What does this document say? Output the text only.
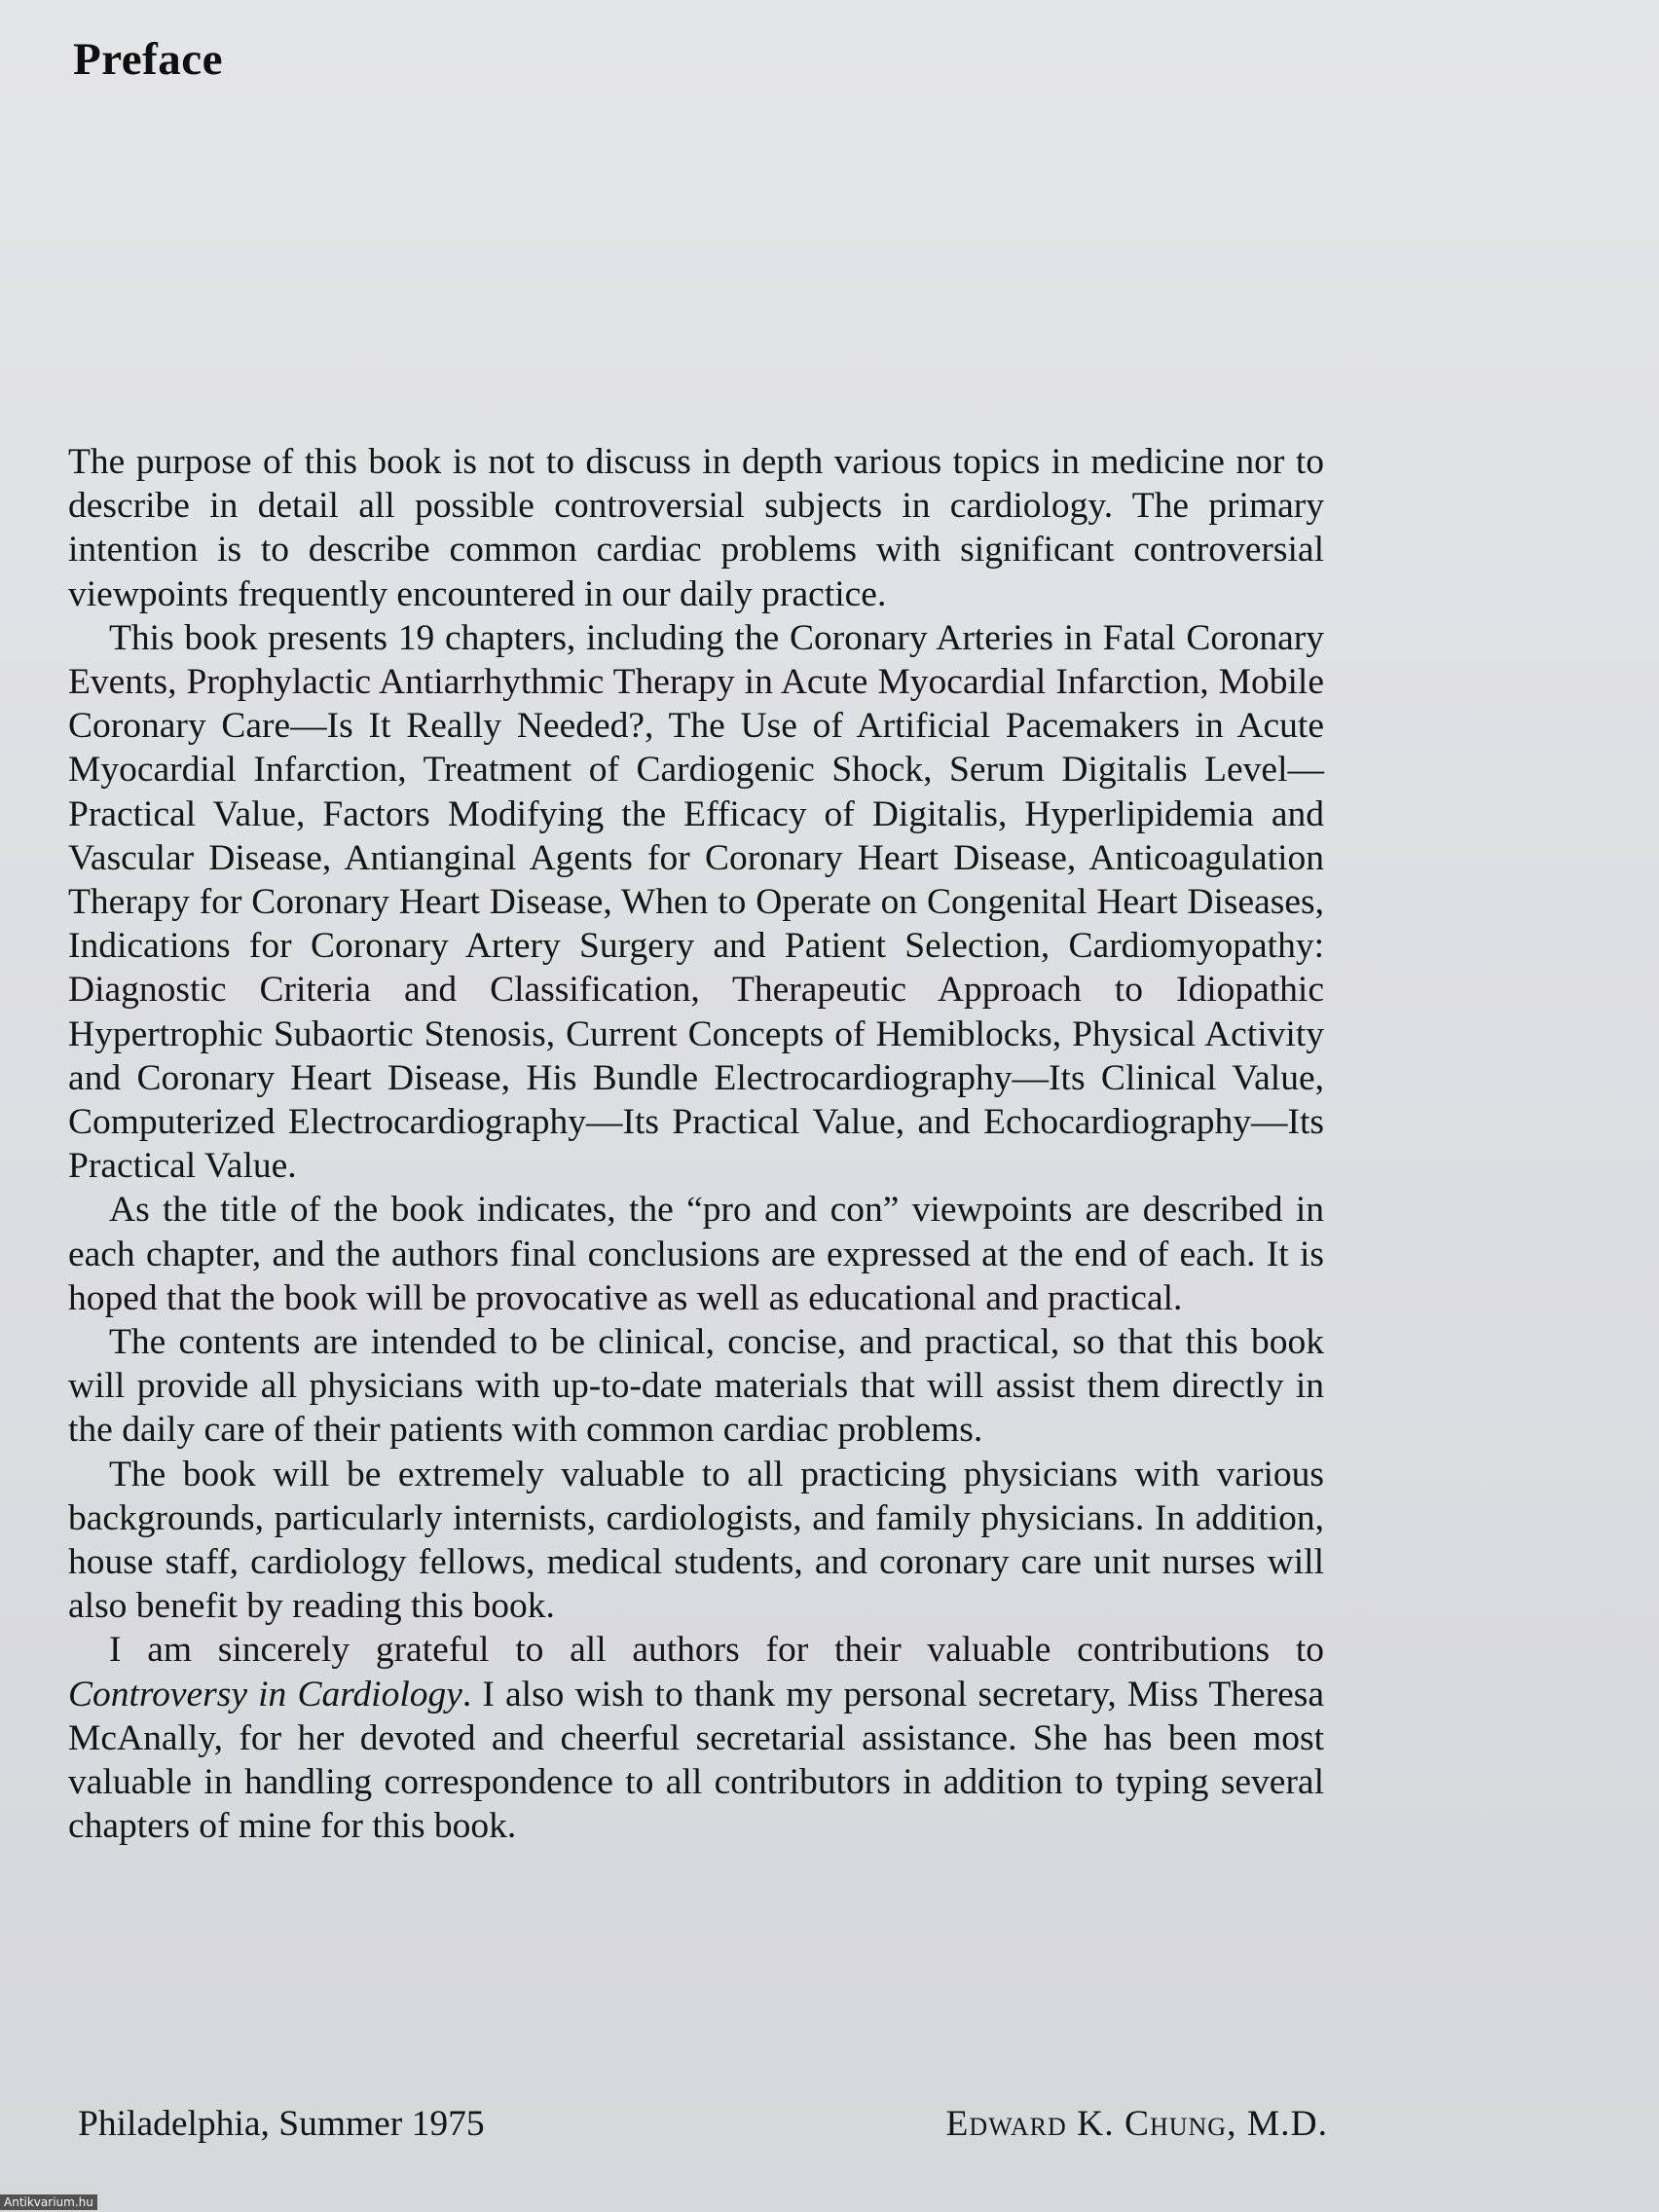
Preface

The purpose of this book is not to discuss in depth various topics in medicine nor to describe in detail all possible controversial subjects in cardiology. The primary intention is to describe common cardiac problems with significant controversial viewpoints frequently encountered in our daily practice.

This book presents 19 chapters, including the Coronary Arteries in Fatal Coronary Events, Prophylactic Antiarrhythmic Therapy in Acute Myocardial Infarction, Mobile Coronary Care—Is It Really Needed?, The Use of Artificial Pacemakers in Acute Myocardial Infarction, Treatment of Cardiogenic Shock, Serum Digitalis Level—Practical Value, Factors Modifying the Efficacy of Digitalis, Hyperlipidemia and Vascular Disease, Antianginal Agents for Coronary Heart Disease, Anticoagulation Therapy for Coronary Heart Disease, When to Operate on Congenital Heart Diseases, Indications for Coronary Artery Surgery and Patient Selection, Cardiomyopathy: Diagnostic Criteria and Classification, Therapeutic Approach to Idiopathic Hypertrophic Subaortic Stenosis, Current Concepts of Hemiblocks, Physical Activity and Coronary Heart Disease, His Bundle Electrocardiography—Its Clinical Value, Computerized Electrocardiography—Its Practical Value, and Echocardiography—Its Practical Value.

As the title of the book indicates, the “pro and con” viewpoints are described in each chapter, and the authors final conclusions are expressed at the end of each. It is hoped that the book will be provocative as well as educational and practical.

The contents are intended to be clinical, concise, and practical, so that this book will provide all physicians with up-to-date materials that will assist them directly in the daily care of their patients with common cardiac problems.

The book will be extremely valuable to all practicing physicians with various backgrounds, particularly internists, cardiologists, and family physicians. In addition, house staff, cardiology fellows, medical students, and coronary care unit nurses will also benefit by reading this book.

I am sincerely grateful to all authors for their valuable contributions to Controversy in Cardiology. I also wish to thank my personal secretary, Miss Theresa McAnally, for her devoted and cheerful secretarial assistance. She has been most valuable in handling correspondence to all contributors in addition to typing several chapters of mine for this book.

Philadelphia, Summer 1975	Edward K. Chung, M.D.
Antikvarium.hu
